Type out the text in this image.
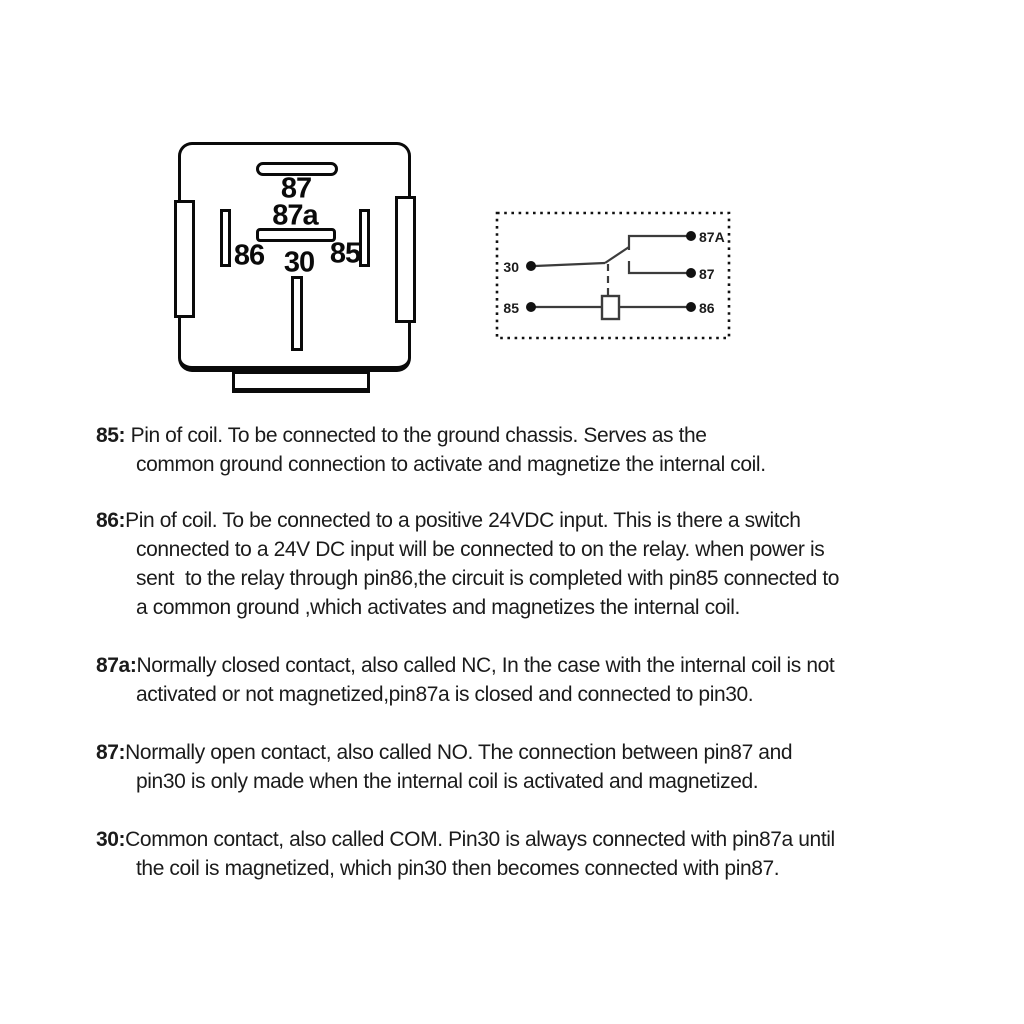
87
87a
86 85
30	30
85
87A
87
86
85: Pin of coil. To be connected to the ground chassis. Serves as the
common ground connection to activate and magnetize the internal coil.
86:Pin of coil. To be connected to a positive 24VDC input. This is there a switch
connected to a 24V DC input will be connected to on the relay. when power is
sent  to the relay through pin86,the circuit is completed with pin85 connected to
a common ground ,which activates and magnetizes the internal coil.
87a:Normally closed contact, also called NC, In the case with the internal coil is not
activated or not magnetized,pin87a is closed and connected to pin30.
87:Normally open contact, also called NO. The connection between pin87 and
pin30 is only made when the internal coil is activated and magnetized.
30:Common contact, also called COM. Pin30 is always connected with pin87a until
the coil is magnetized, which pin30 then becomes connected with pin87.
